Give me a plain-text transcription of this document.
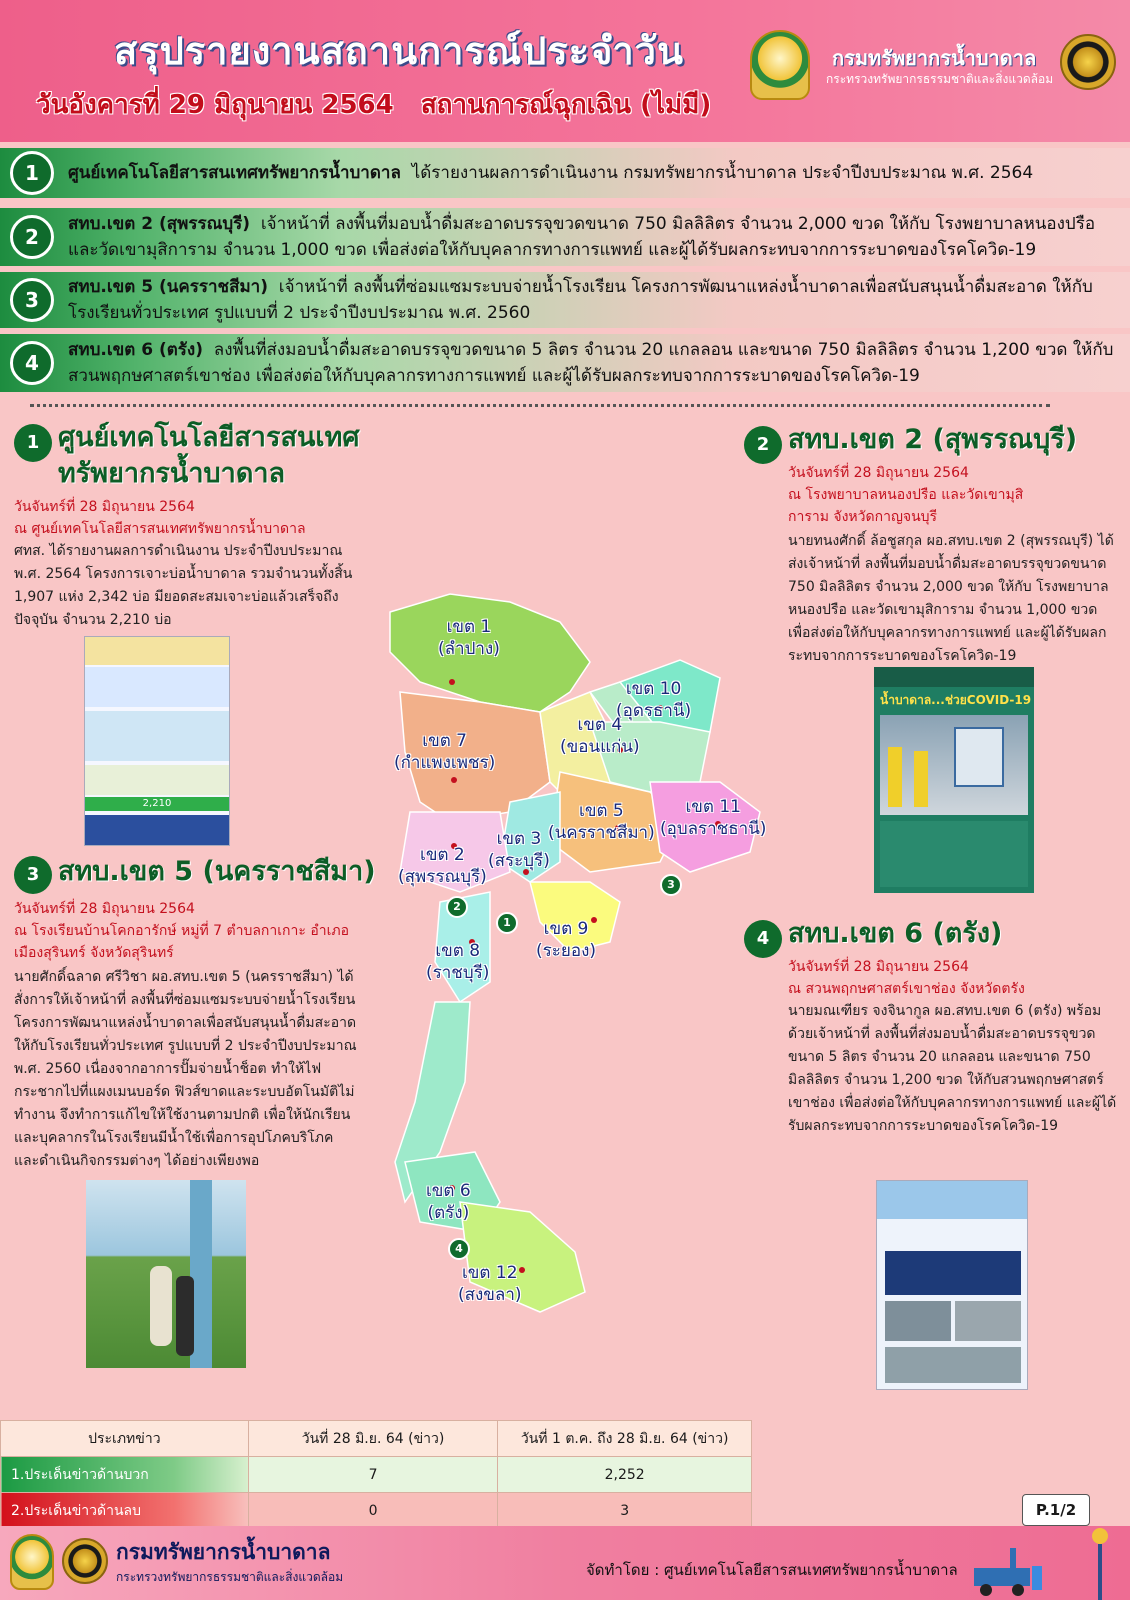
สรุปรายงานสถานการณ์ประจำวัน
วันอังคารที่ 29 มิถุนายน 2564 สถานการณ์ฉุกเฉิน (ไม่มี)
กรมทรัพยากรน้ำบาดาล
กระทรวงทรัพยากรธรรมชาติและสิ่งแวดล้อม
1	ศูนย์เทคโนโลยีสารสนเทศทรัพยากรน้ำบาดาล ได้รายงานผลการดำเนินงาน กรมทรัพยากรน้ำบาดาล ประจำปีงบประมาณ พ.ศ. 2564
2
สทบ.เขต 2 (สุพรรณบุรี) เจ้าหน้าที่ ลงพื้นที่มอบน้ำดื่มสะอาดบรรจุขวดขนาด 750 มิลลิลิตร จำนวน 2,000 ขวด ให้กับ โรงพยาบาลหนองปรือ และวัดเขามุสิการาม จำนวน 1,000 ขวด เพื่อส่งต่อให้กับบุคลากรทางการแพทย์ และผู้ได้รับผลกระทบจากการระบาดของโรคโควิด-19
3
สทบ.เขต 5 (นครราชสีมา) เจ้าหน้าที่ ลงพื้นที่ซ่อมแซมระบบจ่ายน้ำโรงเรียน โครงการพัฒนาแหล่งน้ำบาดาลเพื่อสนับสนุนน้ำดื่มสะอาด ให้กับโรงเรียนทั่วประเทศ รูปแบบที่ 2 ประจำปีงบประมาณ พ.ศ. 2560
4
สทบ.เขต 6 (ตรัง) ลงพื้นที่ส่งมอบน้ำดื่มสะอาดบรรจุขวดขนาด 5 ลิตร จำนวน 20 แกลลอน และขนาด 750 มิลลิลิตร จำนวน 1,200 ขวด ให้กับ สวนพฤกษศาสตร์เขาช่อง เพื่อส่งต่อให้กับบุคลากรทางการแพทย์ และผู้ได้รับผลกระทบจากการระบาดของโรคโควิด-19
1 ศูนย์เทคโนโลยีสารสนเทศ
ทรัพยากรน้ำบาดาล
วันจันทร์ที่ 28 มิถุนายน 2564
ณ ศูนย์เทคโนโลยีสารสนเทศทรัพยากรน้ำบาดาล
ศทส. ได้รายงานผลการดำเนินงาน ประจำปีงบประมาณ พ.ศ. 2564 โครงการเจาะบ่อน้ำบาดาล รวมจำนวนทั้งสิ้น 1,907 แห่ง 2,342 บ่อ มียอดสะสมเจาะบ่อแล้วเสร็จถึงปัจจุบัน จำนวน 2,210 บ่อ
2,210
3 สทบ.เขต 5 (นครราชสีมา)
วันจันทร์ที่ 28 มิถุนายน 2564
ณ โรงเรียนบ้านโคกอารักษ์ หมู่ที่ 7 ตำบลกาเกาะ อำเภอเมืองสุรินทร์ จังหวัดสุรินทร์
นายศักดิ์ฉลาด ศรีวิชา ผอ.สทบ.เขต 5 (นครราชสีมา) ได้สั่งการให้เจ้าหน้าที่ ลงพื้นที่ซ่อมแซมระบบจ่ายน้ำโรงเรียน โครงการพัฒนาแหล่งน้ำบาดาลเพื่อสนับสนุนน้ำดื่มสะอาดให้กับโรงเรียนทั่วประเทศ รูปแบบที่ 2 ประจำปีงบประมาณ พ.ศ. 2560 เนื่องจากอาการปั๊มจ่ายน้ำช็อต ทำให้ไฟกระชากไปที่แผงเมนบอร์ด ฟิวส์ขาดและระบบอัตโนมัติไม่ทำงาน จึงทำการแก้ไขให้ใช้งานตามปกติ เพื่อให้นักเรียนและบุคลากรในโรงเรียนมีน้ำใช้เพื่อการอุปโภคบริโภค และดำเนินกิจกรรมต่างๆ ได้อย่างเพียงพอ
เขต 1
(ลำปาง)
เขต 7
(กำแพงเพชร)
เขต 10
(อุดรธานี)
เขต 4
(ขอนแก่น)
เขต 11
(อุบลราชธานี)
เขต 5
(นครราชสีมา)
เขต 3
(สระบุรี)
เขต 2
(สุพรรณบุรี)
เขต 9
(ระยอง)
เขต 8
(ราชบุรี)
เขต 6
(ตรัง)
เขต 12
(สงขลา)
1
2
3
4
2 สทบ.เขต 2 (สุพรรณบุรี)
วันจันทร์ที่ 28 มิถุนายน 2564
ณ โรงพยาบาลหนองปรือ และวัดเขามุสิการาม จังหวัดกาญจนบุรี
นายทนงศักดิ์ ล้อชูสกุล ผอ.สทบ.เขต 2 (สุพรรณบุรี) ได้ส่งเจ้าหน้าที่ ลงพื้นที่มอบน้ำดื่มสะอาดบรรจุขวดขนาด 750 มิลลิลิตร จำนวน 2,000 ขวด ให้กับ โรงพยาบาลหนองปรือ และวัดเขามุสิการาม จำนวน 1,000 ขวด เพื่อส่งต่อให้กับบุคลากรทางการแพทย์ และผู้ได้รับผลกระทบจากการระบาดของโรคโควิด-19
น้ำบาดาล...ช่วยCOVID-19
4 สทบ.เขต 6 (ตรัง)
วันจันทร์ที่ 28 มิถุนายน 2564
ณ สวนพฤกษศาสตร์เขาช่อง จังหวัดตรัง
นายมณเฑียร จงจินากูล ผอ.สทบ.เขต 6 (ตรัง) พร้อมด้วยเจ้าหน้าที่ ลงพื้นที่ส่งมอบน้ำดื่มสะอาดบรรจุขวดขนาด 5 ลิตร จำนวน 20 แกลลอน และขนาด 750 มิลลิลิตร จำนวน 1,200 ขวด ให้กับสวนพฤกษศาสตร์เขาช่อง เพื่อส่งต่อให้กับบุคลากรทางการแพทย์ และผู้ได้รับผลกระทบจากการระบาดของโรคโควิด-19
ประเภทข่าว	วันที่ 28 มิ.ย. 64 (ข่าว)	วันที่ 1 ต.ค. ถึง 28 มิ.ย. 64 (ข่าว)
1.ประเด็นข่าวด้านบวก	7	2,252
2.ประเด็นข่าวด้านลบ	0	3	P.1/2
กรมทรัพยากรน้ำบาดาล
กระทรวงทรัพยากรธรรมชาติและสิ่งแวดล้อม	จัดทำโดย : ศูนย์เทคโนโลยีสารสนเทศทรัพยากรน้ำบาดาล
